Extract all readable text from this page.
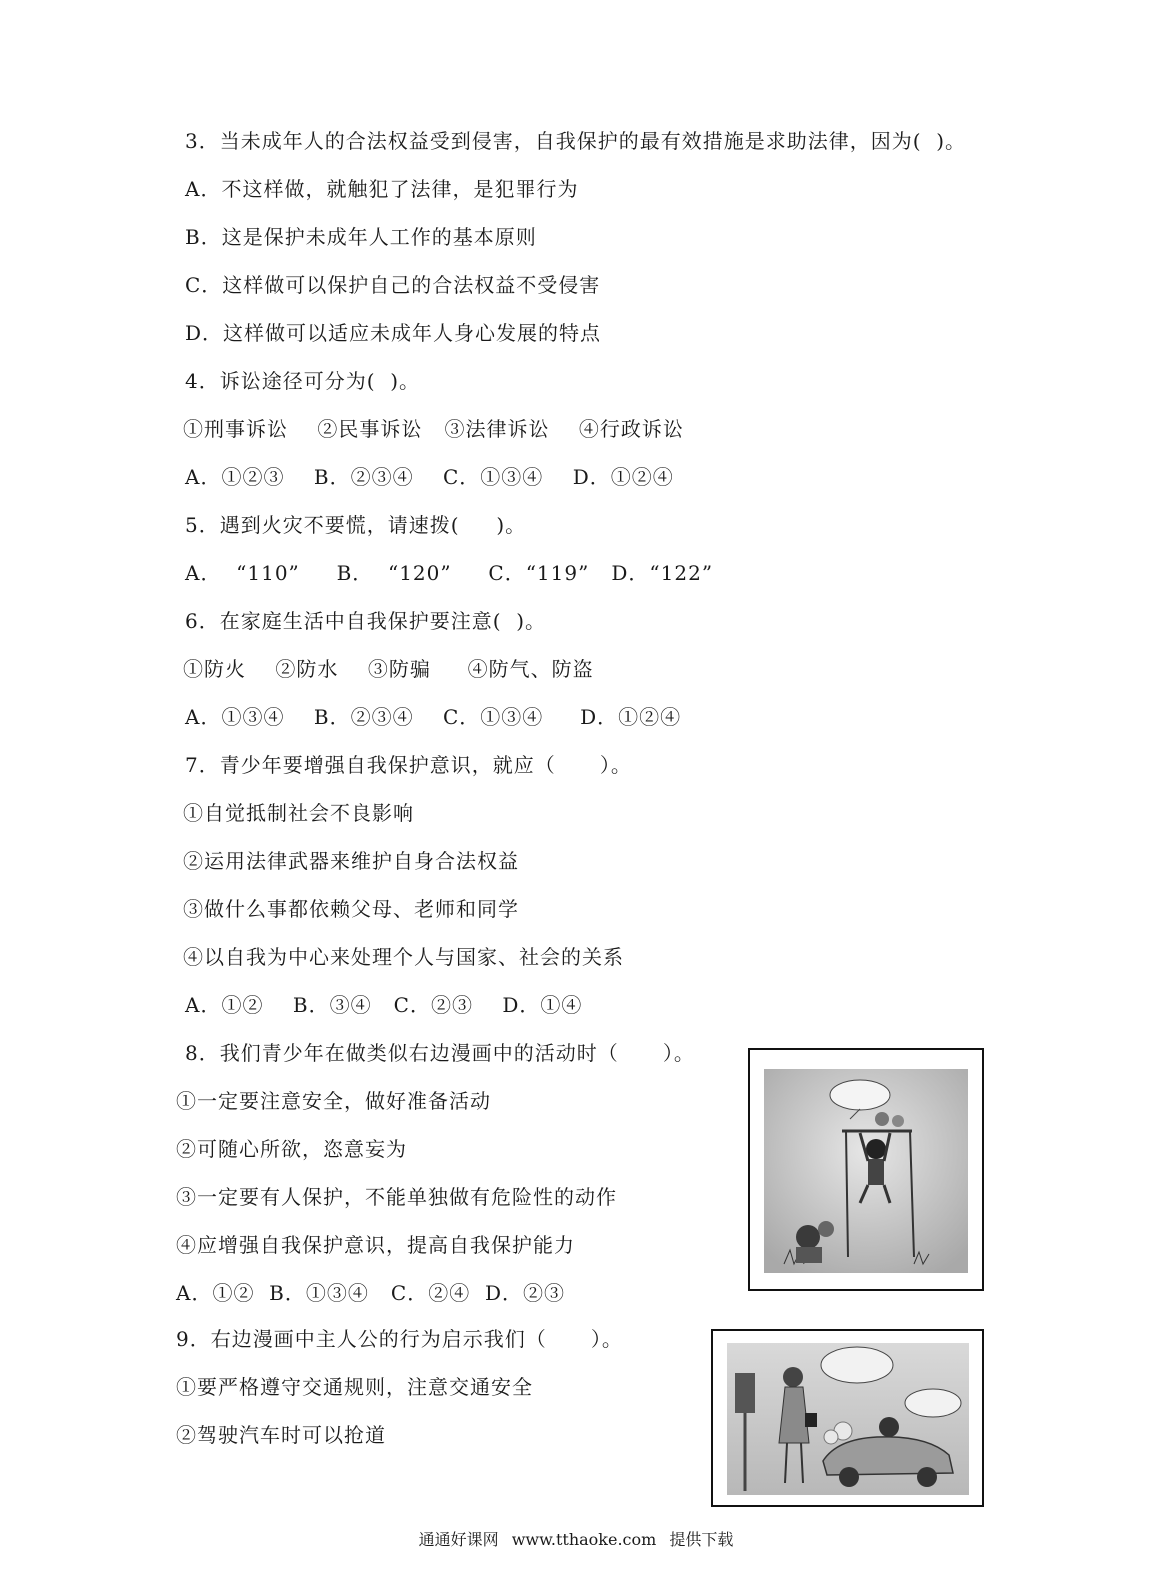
3．当未成年人的合法权益受到侵害，自我保护的最有效措施是求助法律，因为(  )。
A．不这样做，就触犯了法律，是犯罪行为
B．这是保护未成年人工作的基本原则
C．这样做可以保护自己的合法权益不受侵害
D．这样做可以适应未成年人身心发展的特点
4．诉讼途径可分为(  )。
①刑事诉讼    ②民事诉讼   ③法律诉讼    ④行政诉讼
A．①②③    B．②③④    C．①③④    D．①②④
5．遇到火灾不要慌，请速拨(     )。
A．  “110”     B．  “120”     C．“119”   D．“122”
6．在家庭生活中自我保护要注意(  )。
①防火    ②防水    ③防骗     ④防气、防盗
A．①③④    B．②③④    C．①③④     D．①②④
7．青少年要增强自我保护意识，就应（      ）。
①自觉抵制社会不良影响
②运用法律武器来维护自身合法权益
③做什么事都依赖父母、老师和同学
④以自我为中心来处理个人与国家、社会的关系
A．①②    B．③④   C．②③    D．①④
8．我们青少年在做类似右边漫画中的活动时（      ）。
①一定要注意安全，做好准备活动
②可随心所欲，恣意妄为
③一定要有人保护，不能单独做有危险性的动作
④应增强自我保护意识，提高自我保护能力
A．①②  B．①③④   C．②④  D．②③
9．右边漫画中主人公的行为启示我们（      ）。
①要严格遵守交通规则，注意交通安全
②驾驶汽车时可以抢道
通通好课网 www.tthaoke.com 提供下载
